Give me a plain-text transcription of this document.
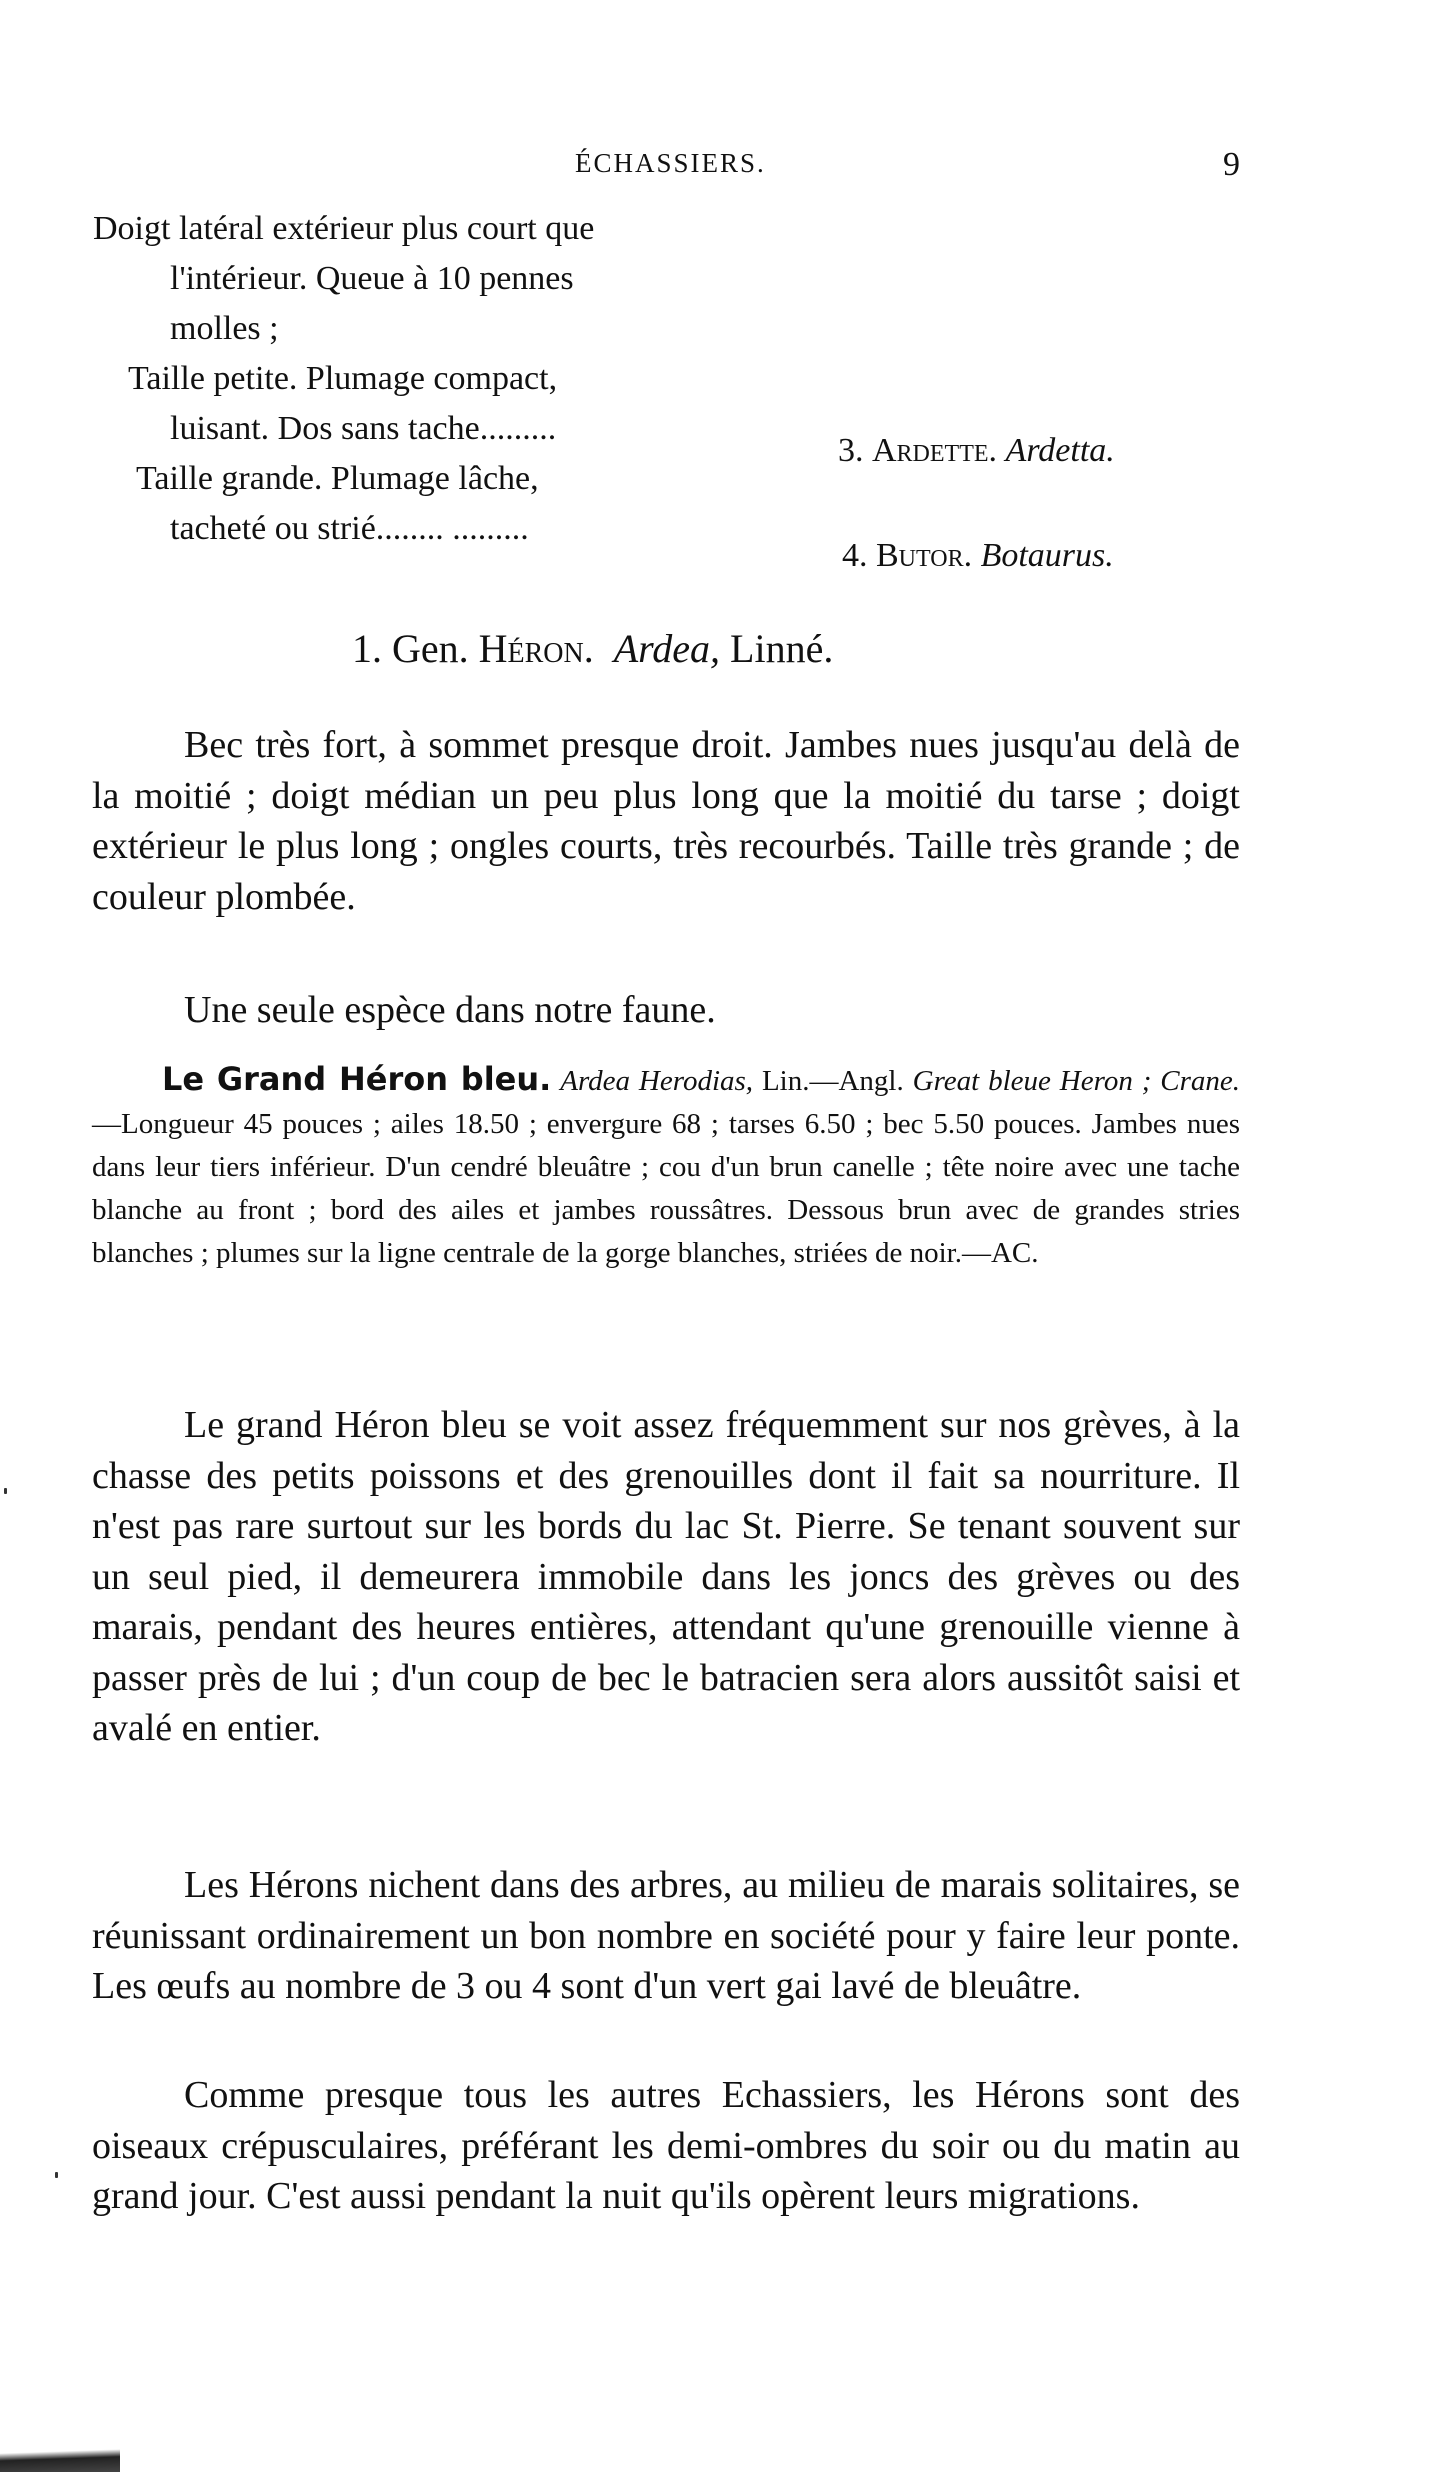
ÉCHASSIERS.	9
Doigt latéral extérieur plus court que
l'intérieur. Queue à 10 pennes
molles ;
Taille petite. Plumage compact,
luisant. Dos sans tache.........
Taille grande. Plumage lâche,
tacheté ou strié........ .........
3. Ardette. Ardetta.
4. Butor. Botaurus.
1. Gen. Héron. Ardea, Linné.

Bec très fort, à sommet presque droit. Jambes nues jusqu'au delà de la moitié ; doigt médian un peu plus long que la moitié du tarse ; doigt extérieur le plus long ; ongles courts, très recourbés. Taille très grande ; de couleur plombée.

Une seule espèce dans notre faune.

Le Grand Héron bleu. Ardea Herodias, Lin.—Angl. Great bleue Heron ; Crane.—Longueur 45 pouces ; ailes 18.50 ; envergure 68 ; tarses 6.50 ; bec 5.50 pouces. Jambes nues dans leur tiers inférieur. D'un cendré bleuâtre ; cou d'un brun canelle ; tête noire avec une tache blanche au front ; bord des ailes et jambes roussâtres. Dessous brun avec de grandes stries blanches ; plumes sur la ligne centrale de la gorge blanches, striées de noir.—AC.

Le grand Héron bleu se voit assez fréquemment sur nos grèves, à la chasse des petits poissons et des grenouilles dont il fait sa nourriture. Il n'est pas rare surtout sur les bords du lac St. Pierre. Se tenant souvent sur un seul pied, il demeurera immobile dans les joncs des grèves ou des marais, pendant des heures entières, attendant qu'une grenouille vienne à passer près de lui ; d'un coup de bec le batracien sera alors aussitôt saisi et avalé en entier.

Les Hérons nichent dans des arbres, au milieu de marais solitaires, se réunissant ordinairement un bon nombre en société pour y faire leur ponte. Les œufs au nombre de 3 ou 4 sont d'un vert gai lavé de bleuâtre.

Comme presque tous les autres Echassiers, les Hérons sont des oiseaux crépusculaires, préférant les demi-ombres du soir ou du matin au grand jour. C'est aussi pendant la nuit qu'ils opèrent leurs migrations.
